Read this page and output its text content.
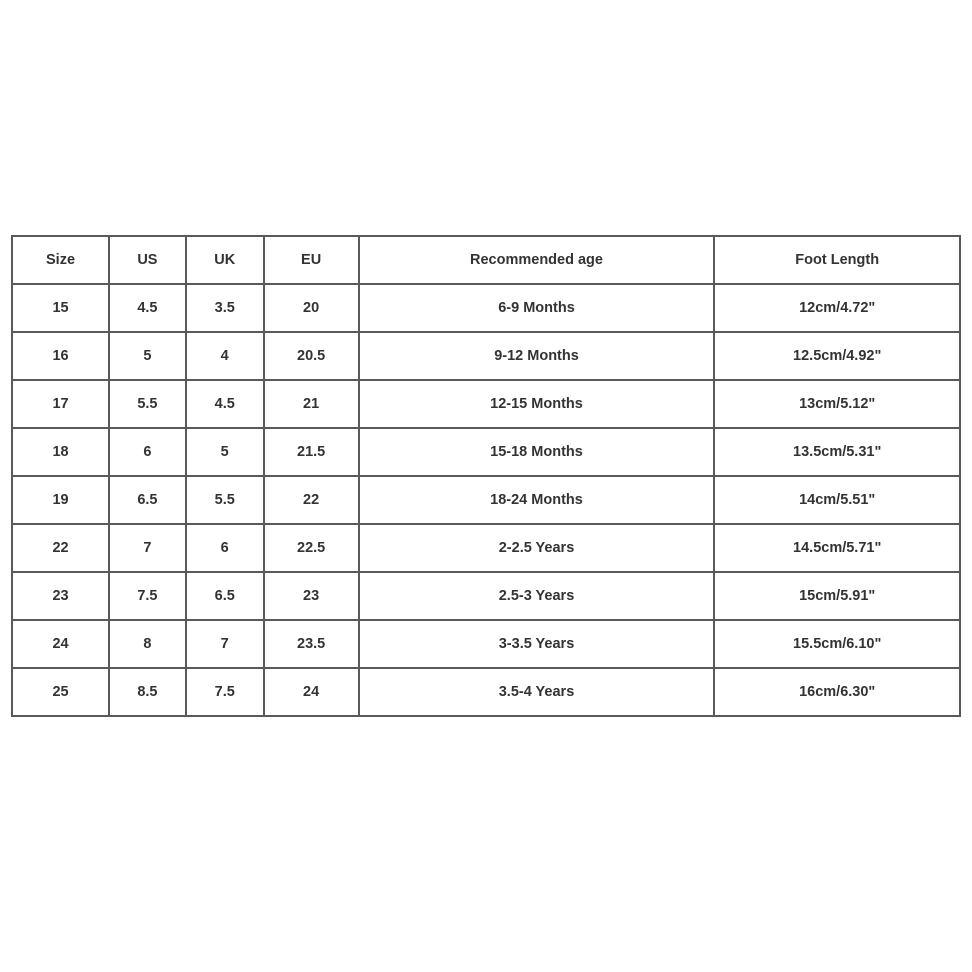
Size	US	UK	EU	Recommended age	Foot Length
15	4.5	3.5	20	6-9 Months	12cm/4.72"
16	5	4	20.5	9-12 Months	12.5cm/4.92"
17	5.5	4.5	21	12-15 Months	13cm/5.12"
18	6	5	21.5	15-18 Months	13.5cm/5.31"
19	6.5	5.5	22	18-24 Months	14cm/5.51"
22	7	6	22.5	2-2.5 Years	14.5cm/5.71"
23	7.5	6.5	23	2.5-3 Years	15cm/5.91"
24	8	7	23.5	3-3.5 Years	15.5cm/6.10"
25	8.5	7.5	24	3.5-4 Years	16cm/6.30"
